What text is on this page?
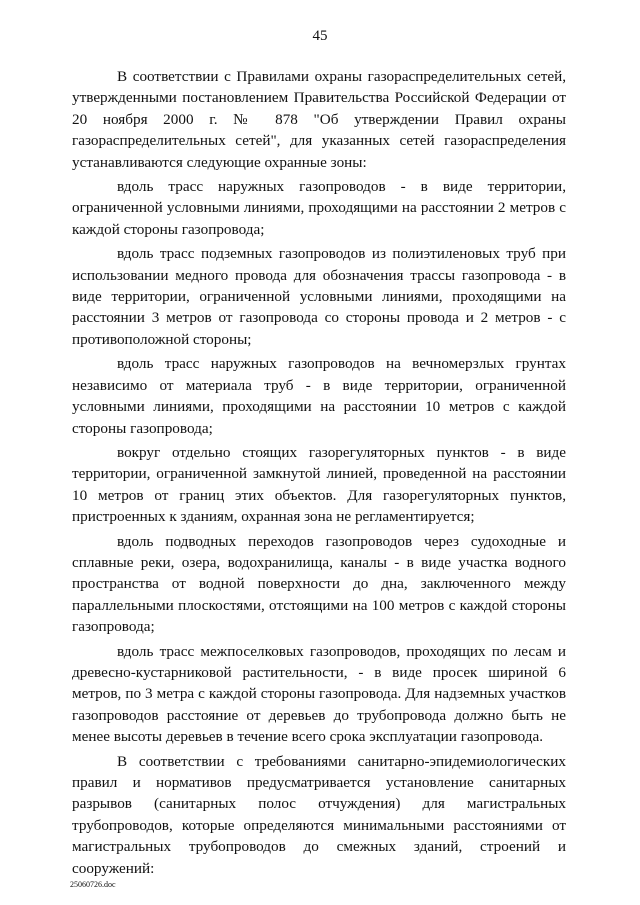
45

В соответствии с Правилами охраны газораспределительных сетей, утвержденными постановлением Правительства Российской Федерации от 20 ноября 2000 г. № 878 "Об утверждении Правил охраны газораспределительных сетей", для указанных сетей газораспределения устанавливаются следующие охранные зоны:

вдоль трасс наружных газопроводов - в виде территории, ограниченной условными линиями, проходящими на расстоянии 2 метров с каждой стороны газопровода;

вдоль трасс подземных газопроводов из полиэтиленовых труб при использовании медного провода для обозначения трассы газопровода - в виде территории, ограниченной условными линиями, проходящими на расстоянии 3 метров от газопровода со стороны провода и 2 метров - с противоположной стороны;

вдоль трасс наружных газопроводов на вечномерзлых грунтах независимо от материала труб - в виде территории, ограниченной условными линиями, проходящими на расстоянии 10 метров с каждой стороны газопровода;

вокруг отдельно стоящих газорегуляторных пунктов - в виде территории, ограниченной замкнутой линией, проведенной на расстоянии 10 метров от границ этих объектов. Для газорегуляторных пунктов, пристроенных к зданиям, охранная зона не регламентируется;

вдоль подводных переходов газопроводов через судоходные и сплавные реки, озера, водохранилища, каналы - в виде участка водного пространства от водной поверхности до дна, заключенного между параллельными плоскостями, отстоящими на 100 метров с каждой стороны газопровода;

вдоль трасс межпоселковых газопроводов, проходящих по лесам и древесно-кустарниковой растительности, - в виде просек шириной 6 метров, по 3 метра с каждой стороны газопровода. Для надземных участков газопроводов расстояние от деревьев до трубопровода должно быть не менее высоты деревьев в течение всего срока эксплуатации газопровода.

В соответствии с требованиями санитарно-эпидемиологических правил и нормативов предусматривается установление санитарных разрывов (санитарных полос отчуждения) для магистральных трубопроводов, которые определяются минимальными расстояниями от магистральных трубопроводов до смежных зданий, строений и сооружений:

25060726.doc
